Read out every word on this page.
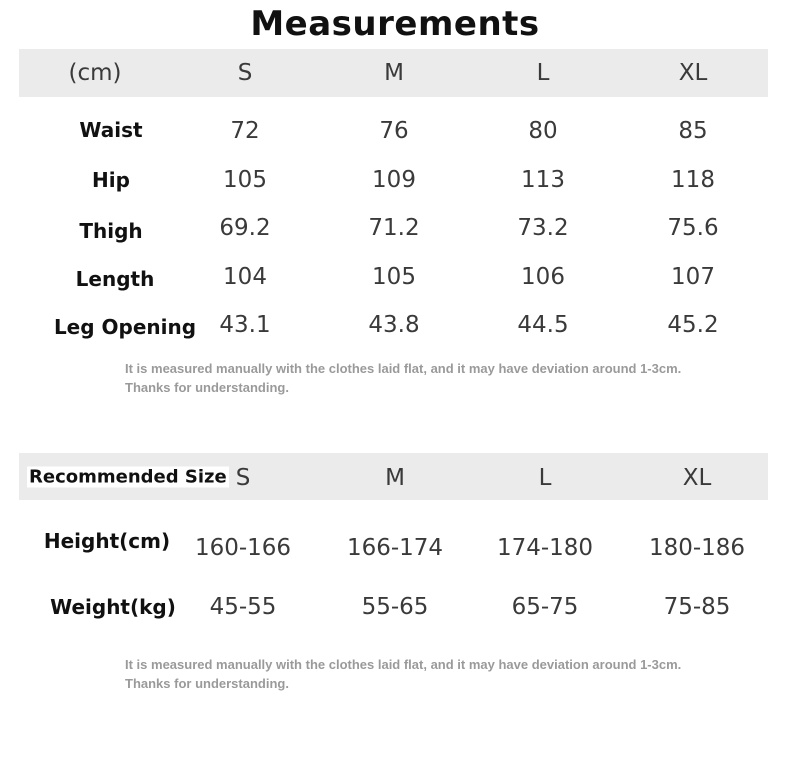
Measurements
(cm)	S	M	L	XL
Waist	72	76	80	85
Hip	105	109	113	118
Thigh	69.2	71.2	73.2	75.6
Length	104	105	106	107
Leg Opening 43.1	43.8	44.5	45.2
It is measured manually with the clothes laid flat, and it may have deviation around 1-3cm. Thanks for understanding.
Recommended Size S	M	L	XL
Height(cm) 160-166 166-174 174-180 180-186
Weight(kg) 45-55	55-65	65-75	75-85
It is measured manually with the clothes laid flat, and it may have deviation around 1-3cm. Thanks for understanding.
